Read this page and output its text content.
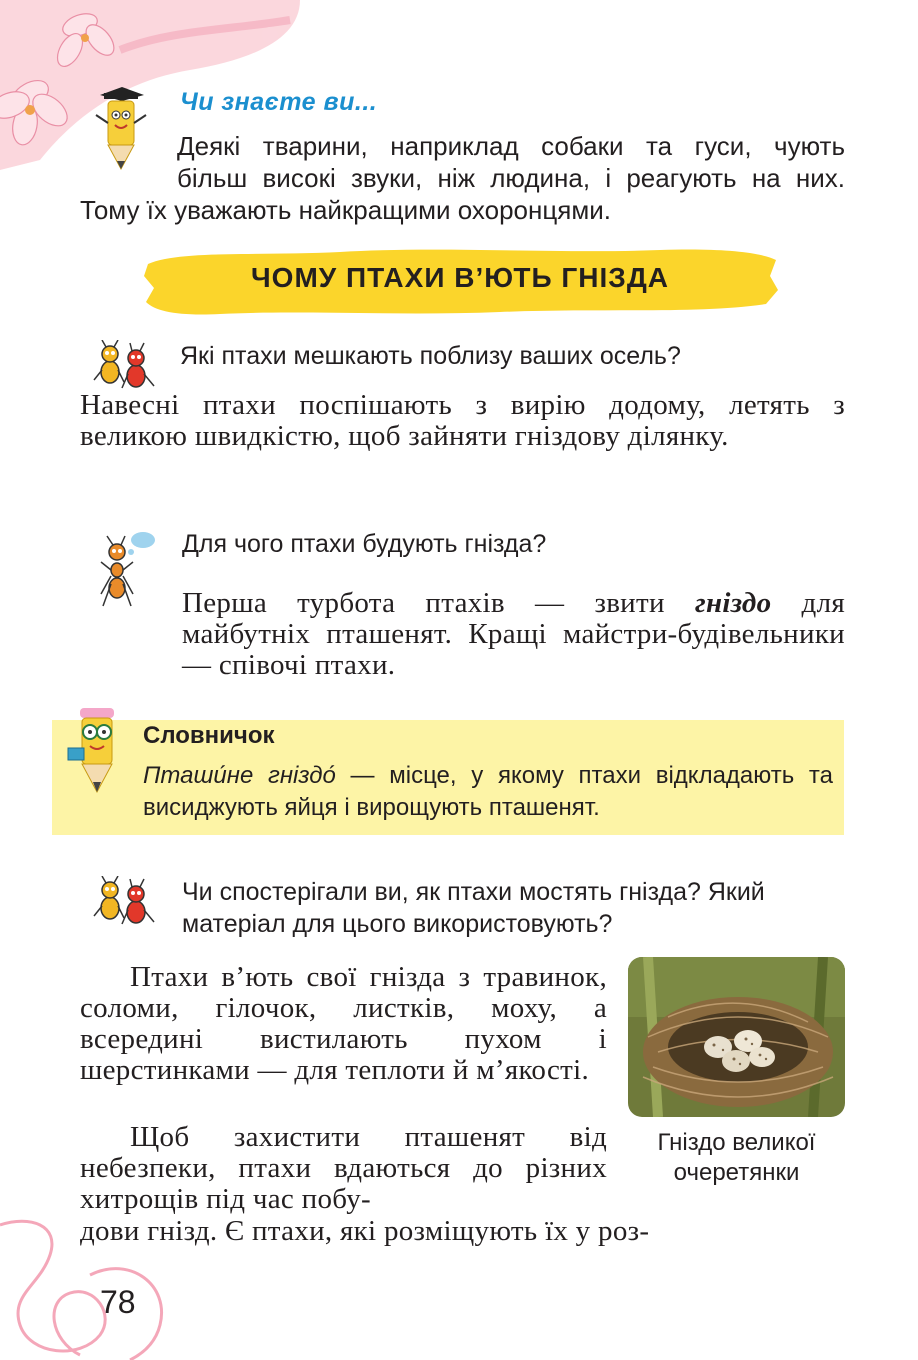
Чи знаєте ви...
Деякі тварини, наприклад собаки та гуси, чують
більш високі звуки, ніж людина, і реагують на них.
Тому їх уважають найкращими охоронцями.
ЧОМУ ПТАХИ В’ЮТЬ ГНІЗДА
Які птахи мешкають поблизу ваших осель?
Навесні птахи поспішають з вирію додому, летять з великою швидкістю, щоб зайняти гніздову ділянку.
Для чого птахи будують гнізда?
Перша турбота птахів — звити гніздо для майбутніх пташенят. Кращі майстри-будівельники — співочі птахи.
Словничок
Пташи́не гніздо́ — місце, у якому птахи відкладають та висиджують яйця і вирощують пташенят.
Чи спостерігали ви, як птахи мостять гнізда? Який матеріал для цього використовують?
Птахи в’ють свої гнізда з травинок, соломи, гілочок, листків, моху, а всередині вистилають пухом і шерстинками — для теплоти й м’якості.
Щоб захистити пташенят від небезпеки, птахи вдаються до різних хитрощів під час побу-
дови гнізд. Є птахи, які розміщують їх у роз-
Гніздо великої очеретянки
78
